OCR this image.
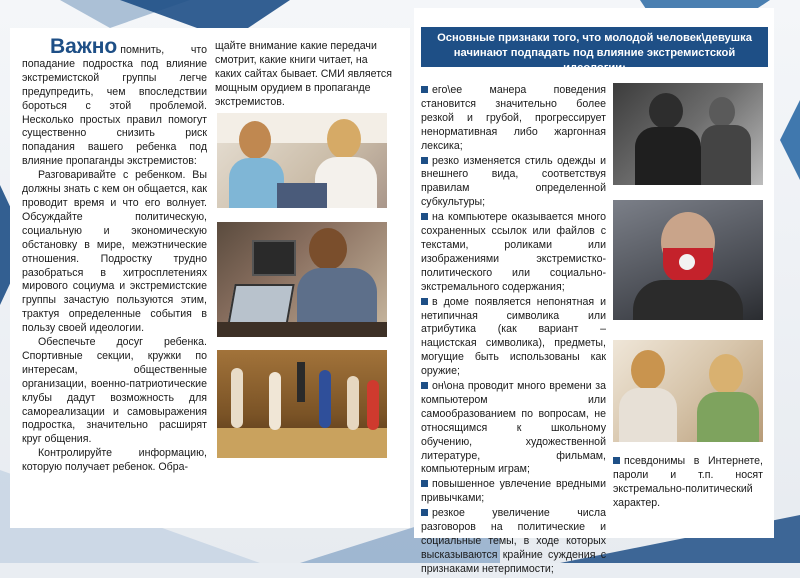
Важно помнить, что попадание подростка под влияние экстремистской группы легче предупредить, чем впоследствии бороться с этой проблемой. Несколько простых правил помогут существенно снизить риск попадания вашего ребенка под влияние пропаганды экстремистов:

Разговаривайте с ребенком. Вы должны знать с кем он общается, как проводит время и что его волнует. Обсуждайте политическую, социальную и экономическую обстановку в мире, межэтнические отношения. Подростку трудно разобраться в хитросплетениях мирового социума и экстремистские группы зачастую пользуются этим, трактуя определенные события в пользу своей идеологии.

Обеспечьте досуг ребенка. Спортивные секции, кружки по интересам, общественные организации, военно-патриотические клубы дадут возможность для самореализации и самовыражения подростка, значительно расширят круг общения.

Контролируйте информацию, которую получает ребенок. Обра-

щайте внимание какие передачи смотрит, какие книги читает, на каких сайтах бывает. СМИ является мощным орудием в пропаганде экстремистов.
Основные признаки того, что молодой человек\девушка начинают подпадать под влияние экстремистской идеологии:

его\ее манера поведения становится значительно более резкой и грубой, прогрессирует ненормативная либо жаргонная лексика;

резко изменяется стиль одежды и внешнего вида, соответствуя правилам определенной субкультуры;

на компьютере оказывается много сохраненных ссылок или файлов с текстами, роликами или изображениями экстремистко-политического или социально-экстремального содержания;

в доме появляется непонятная и нетипичная символика или атрибутика (как вариант – нацистская символика), предметы, могущие быть использованы как оружие;

он\она проводит много времени за компьютером или самообразованием по вопросам, не относящимся к школьному обучению, художественной литературе, фильмам, компьютерным играм;

повышенное увлечение вредными привычками;

резкое увеличение числа разговоров на политические и социальные темы, в ходе которых высказываются крайние суждения с признаками нетерпимости;

псевдонимы в Интернете, пароли и т.п. носят экстремально-политический характер.
